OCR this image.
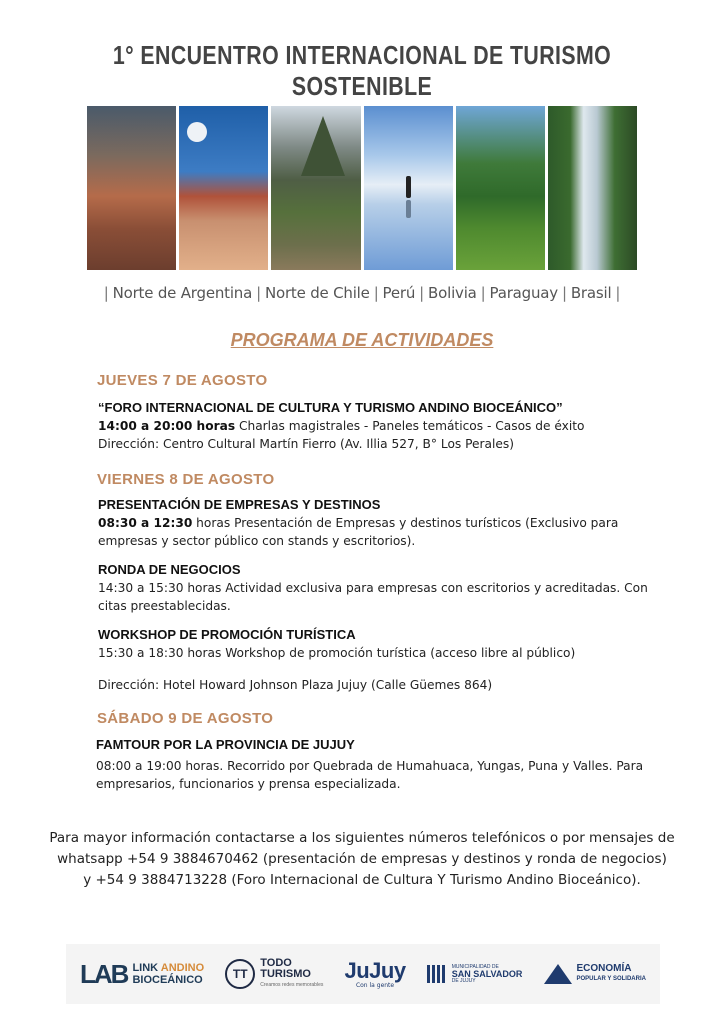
1° ENCUENTRO INTERNACIONAL DE TURISMO SOSTENIBLE
| Norte de Argentina | Norte de Chile | Perú | Bolivia | Paraguay | Brasil |
PROGRAMA DE ACTIVIDADES
JUEVES 7 DE AGOSTO
“FORO INTERNACIONAL DE CULTURA Y TURISMO ANDINO BIOCEÁNICO”
14:00 a 20:00 horas Charlas magistrales - Paneles temáticos - Casos de éxito
Dirección: Centro Cultural Martín Fierro (Av. Illia 527, B° Los Perales)
VIERNES 8 DE AGOSTO
PRESENTACIÓN DE EMPRESAS Y DESTINOS
08:30 a 12:30 horas Presentación de Empresas y destinos turísticos (Exclusivo para empresas y sector público con stands y escritorios).
RONDA DE NEGOCIOS
14:30 a 15:30 horas Actividad exclusiva para empresas con escritorios y acreditadas. Con citas preestablecidas.
WORKSHOP DE PROMOCIÓN TURÍSTICA
15:30 a 18:30 horas Workshop de promoción turística (acceso libre al público)
Dirección: Hotel Howard Johnson Plaza Jujuy (Calle Güemes 864)
SÁBADO 9 DE AGOSTO
FAMTOUR POR LA PROVINCIA DE JUJUY
08:00 a 19:00 horas. Recorrido por Quebrada de Humahuaca, Yungas, Puna y Valles. Para empresarios, funcionarios y prensa especializada.
Para mayor información contactarse a los siguientes números telefónicos o por mensajes de
whatsapp +54 9 3884670462 (presentación de empresas y destinos y ronda de negocios)
y +54 9 3884713228 (Foro Internacional de Cultura Y Turismo Andino Bioceánico).
LAB LINK ANDINO
BIOCEÁNICO	TT
TODO
TURISMO
Creamos redes memorables
JuJuy
Con la gente
MUNICIPALIDAD DE
SAN SALVADOR
DE JUJUY
ECONOMÍA
POPULAR Y SOLIDARIA
